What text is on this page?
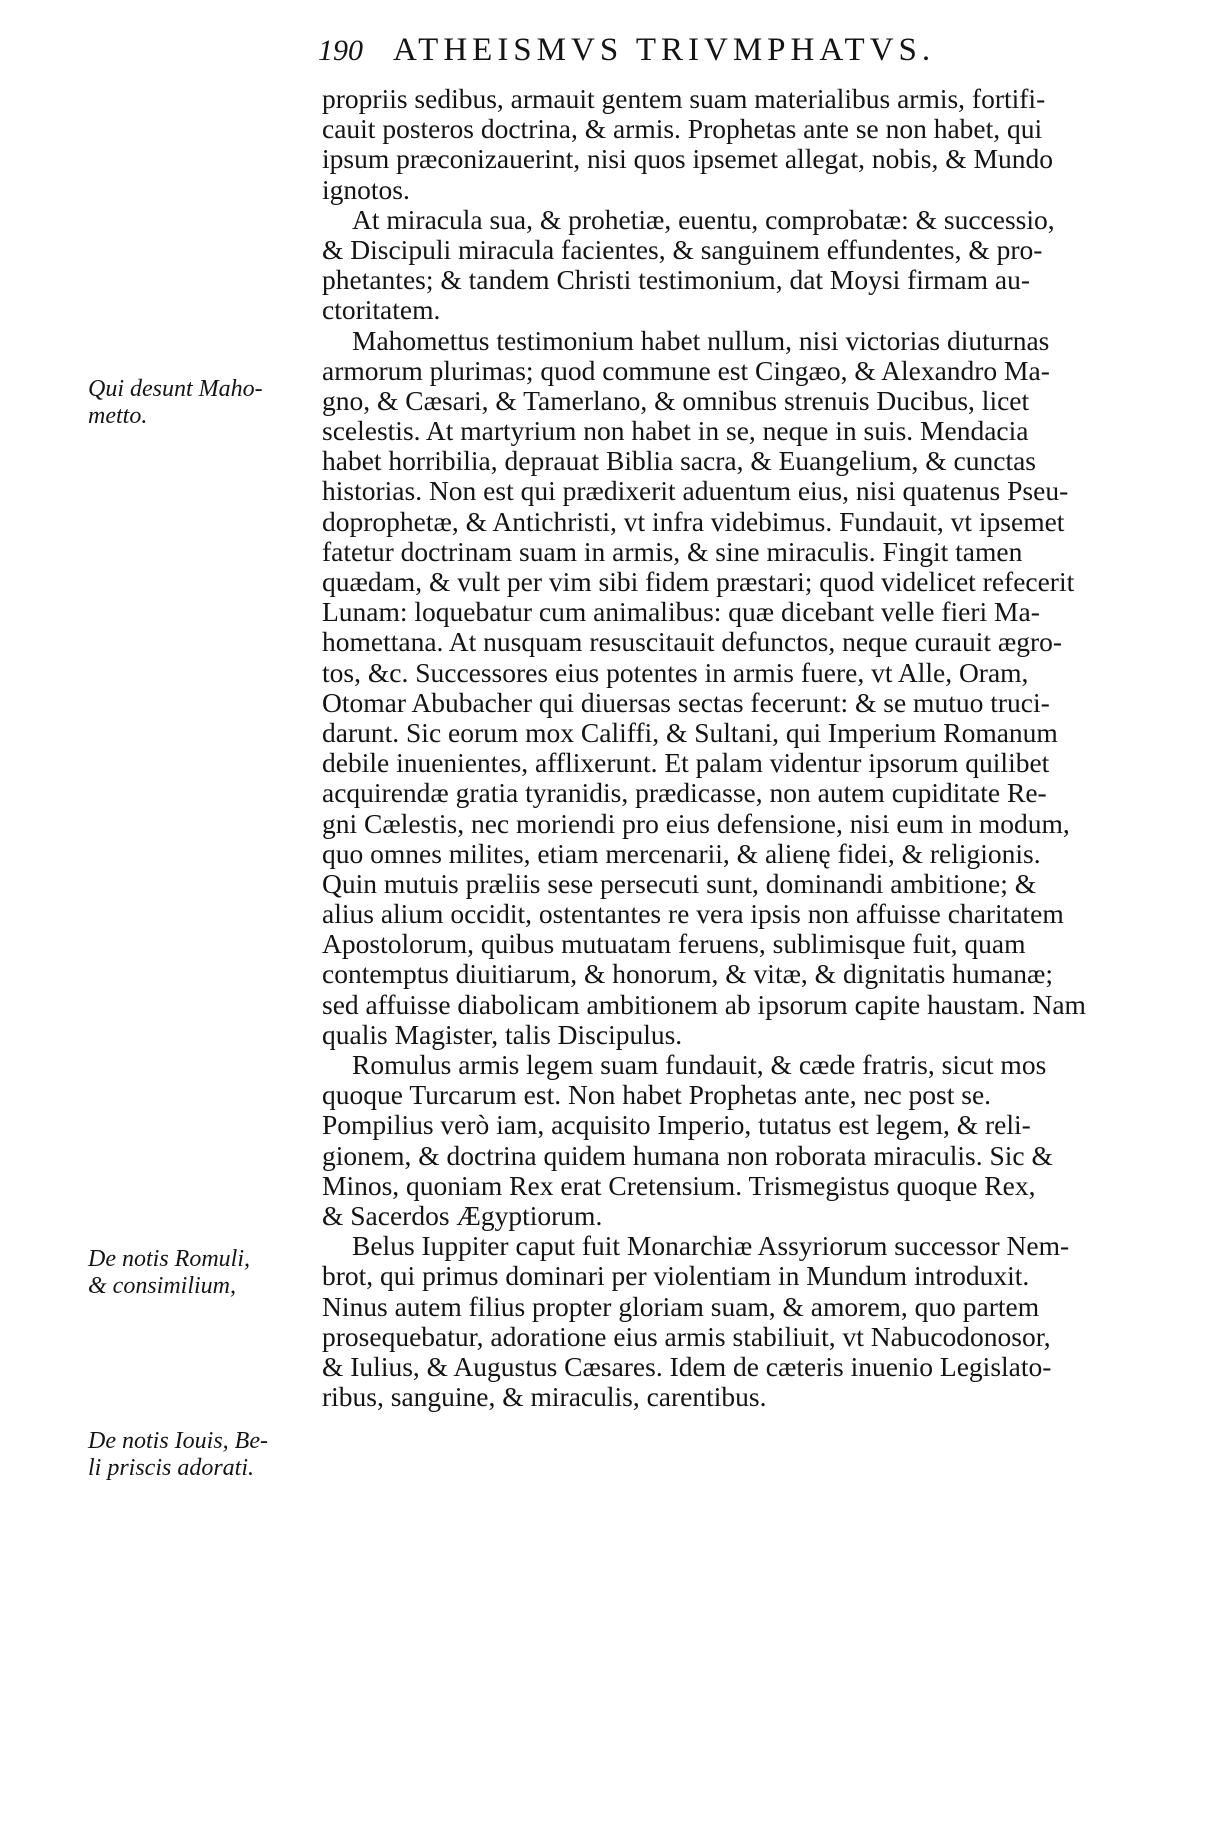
190 ATHEISMVS TRIVMPHATVS.
propriis sedibus, armauit gentem suam materialibus armis, fortifi-
cauit posteros doctrina, & armis. Prophetas ante se non habet, qui
ipsum præconizauerint, nisi quos ipsemet allegat, nobis, & Mundo
ignotos.
At miracula sua, & prohetiæ, euentu, comprobatæ: & successio,
& Discipuli miracula facientes, & sanguinem effundentes, & pro-
phetantes; & tandem Christi testimonium, dat Moysi firmam au-
ctoritatem.
Mahomettus testimonium habet nullum, nisi victorias diuturnas
armorum plurimas; quod commune est Cingæo, & Alexandro Ma-
gno, & Cæsari, & Tamerlano, & omnibus strenuis Ducibus, licet
scelestis. At martyrium non habet in se, neque in suis. Mendacia
habet horribilia, deprauat Biblia sacra, & Euangelium, & cunctas
historias. Non est qui prædixerit aduentum eius, nisi quatenus Pseu-
doprophetæ, & Antichristi, vt infra videbimus. Fundauit, vt ipsemet
fatetur doctrinam suam in armis, & sine miraculis. Fingit tamen
quædam, & vult per vim sibi fidem præstari; quod videlicet refecerit
Lunam: loquebatur cum animalibus: quæ dicebant velle fieri Ma-
homettana. At nusquam resuscitauit defunctos, neque curauit ægro-
tos, &c. Successores eius potentes in armis fuere, vt Alle, Oram,
Otomar Abubacher qui diuersas sectas fecerunt: & se mutuo truci-
darunt. Sic eorum mox Califfi, & Sultani, qui Imperium Romanum
debile inuenientes, afflixerunt. Et palam videntur ipsorum quilibet
acquirendæ gratia tyranidis, prædicasse, non autem cupiditate Re-
gni Cælestis, nec moriendi pro eius defensione, nisi eum in modum,
quo omnes milites, etiam mercenarii, & alienę fidei, & religionis.
Quin mutuis præliis sese persecuti sunt, dominandi ambitione; &
alius alium occidit, ostentantes re vera ipsis non affuisse charitatem
Apostolorum, quibus mutuatam feruens, sublimisque fuit, quam
contemptus diuitiarum, & honorum, & vitæ, & dignitatis humanæ;
sed affuisse diabolicam ambitionem ab ipsorum capite haustam. Nam
qualis Magister, talis Discipulus.
Romulus armis legem suam fundauit, & cæde fratris, sicut mos
quoque Turcarum est. Non habet Prophetas ante, nec post se.
Pompilius verò iam, acquisito Imperio, tutatus est legem, & reli-
gionem, & doctrina quidem humana non roborata miraculis. Sic &
Minos, quoniam Rex erat Cretensium. Trismegistus quoque Rex,
& Sacerdos Ægyptiorum.
Belus Iuppiter caput fuit Monarchiæ Assyriorum successor Nem-
brot, qui primus dominari per violentiam in Mundum introduxit.
Ninus autem filius propter gloriam suam, & amorem, quo partem
prosequebatur, adoratione eius armis stabiliuit, vt Nabucodonosor,
& Iulius, & Augustus Cæsares. Idem de cæteris inuenio Legislato-
ribus, sanguine, & miraculis, carentibus.
Qui desunt Maho-
metto.
De notis Romuli,
& consimilium,
De notis Iouis, Be-
li priscis adorati.
